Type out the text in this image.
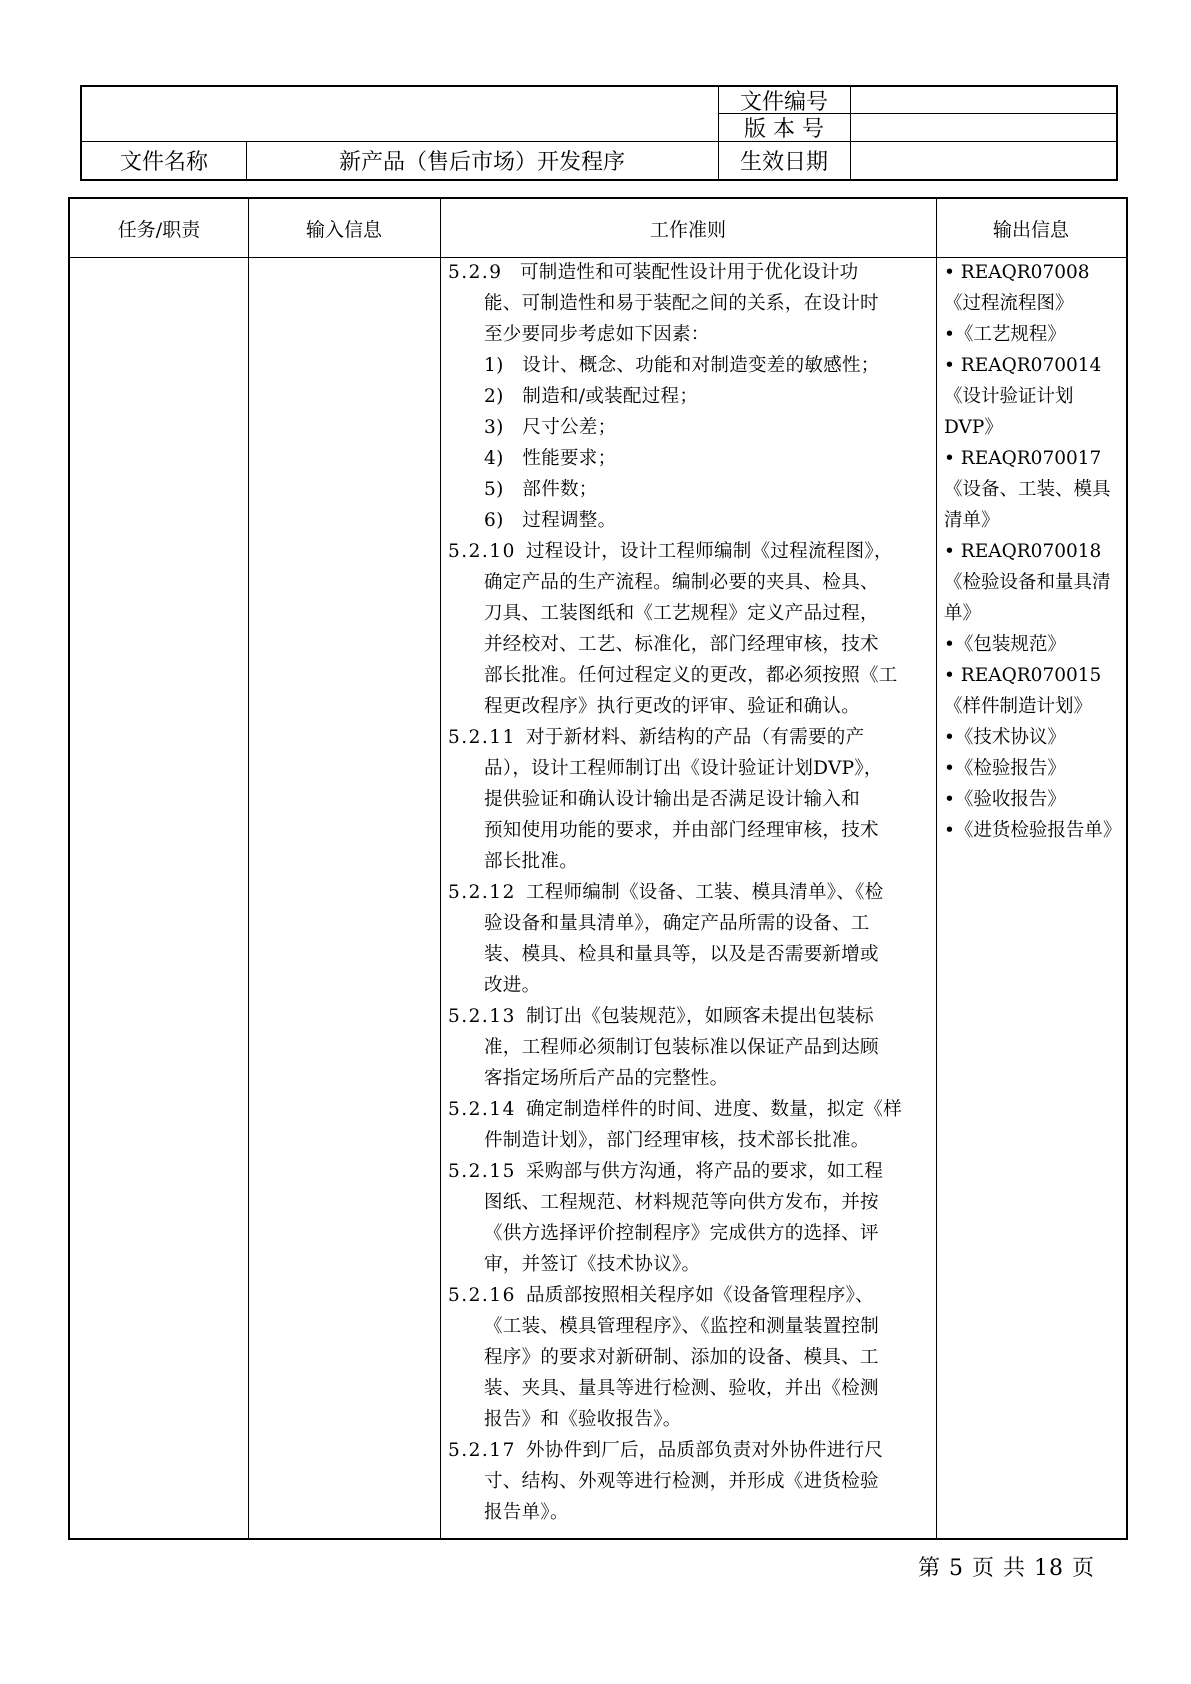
文件编号
版 本 号
文件名称	新产品（售后市场）开发程序	生效日期
任务/职责	输入信息	工作准则	输出信息
5.2.9 可制造性和可装配性设计用于优化设计功
能、可制造性和易于装配之间的关系，在设计时
至少要同步考虑如下因素：
1)　设计、概念、功能和对制造变差的敏感性；
2)　制造和/或装配过程；
3)　尺寸公差；
4)　性能要求；
5)　部件数；
6)　过程调整。
5.2.10 过程设计，设计工程师编制《过程流程图》，
确定产品的生产流程。编制必要的夹具、检具、
刀具、工装图纸和《工艺规程》定义产品过程，
并经校对、工艺、标准化，部门经理审核，技术
部长批准。任何过程定义的更改，都必须按照《工
程更改程序》执行更改的评审、验证和确认。
5.2.11 对于新材料、新结构的产品（有需要的产
品），设计工程师制订出《设计验证计划DVP》，
提供验证和确认设计输出是否满足设计输入和
预知使用功能的要求，并由部门经理审核，技术
部长批准。
5.2.12 工程师编制《设备、工装、模具清单》、《检
验设备和量具清单》，确定产品所需的设备、工
装、模具、检具和量具等，以及是否需要新增或
改进。
5.2.13 制订出《包装规范》，如顾客未提出包装标
准，工程师必须制订包装标准以保证产品到达顾
客指定场所后产品的完整性。
5.2.14 确定制造样件的时间、进度、数量，拟定《样
件制造计划》，部门经理审核，技术部长批准。
5.2.15 采购部与供方沟通，将产品的要求，如工程
图纸、工程规范、材料规范等向供方发布，并按
《供方选择评价控制程序》完成供方的选择、评
审，并签订《技术协议》。
5.2.16 品质部按照相关程序如《设备管理程序》、
《工装、模具管理程序》、《监控和测量装置控制
程序》的要求对新研制、添加的设备、模具、工
装、夹具、量具等进行检测、验收，并出《检测
报告》和《验收报告》。
5.2.17 外协件到厂后，品质部负责对外协件进行尺
寸、结构、外观等进行检测，并形成《进货检验
报告单》。
• REAQR07008《过程流程图》
•《工艺规程》
• REAQR070014《设计验证计划 DVP》
• REAQR070017《设备、工装、模具清单》
• REAQR070018《检验设备和量具清单》
•《包装规范》
• REAQR070015《样件制造计划》
•《技术协议》
•《检验报告》
•《验收报告》
•《进货检验报告单》
第 5 页 共 18 页
